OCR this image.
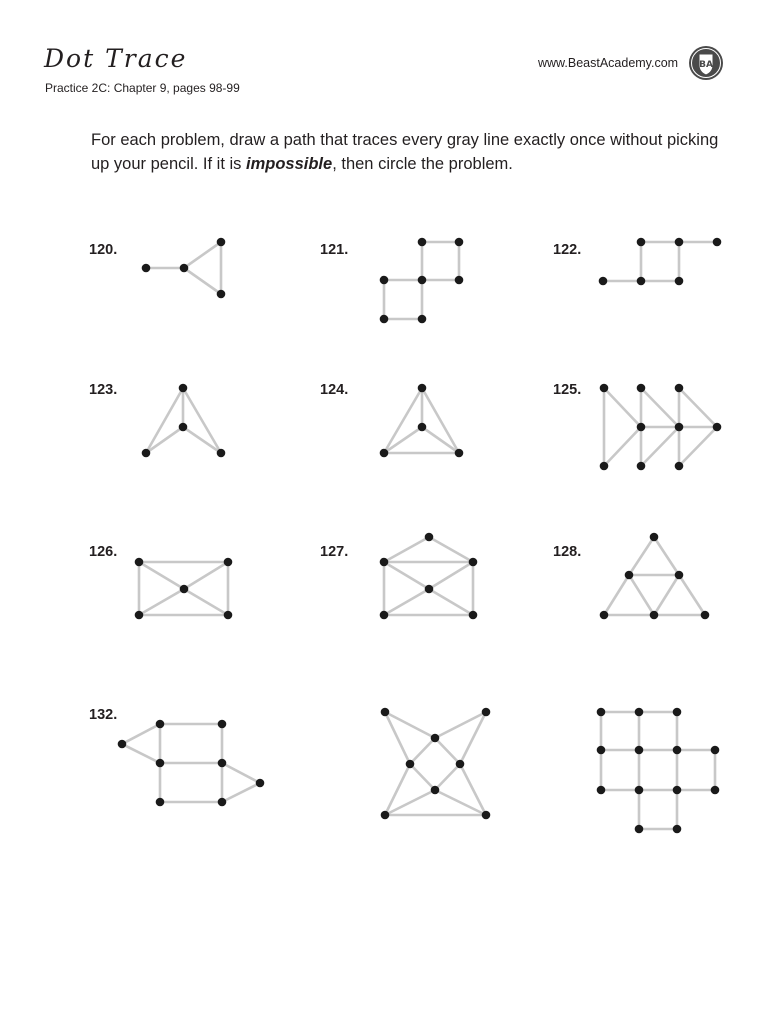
Dot Trace
Practice 2C: Chapter 9, pages 98-99
www.BeastAcademy.com BA
For each problem, draw a path that traces every gray line exactly once without picking up your pencil. If it is impossible, then circle the problem.
120.	121.	122.
123.	124.	125.
126.	127.	128.
132.
